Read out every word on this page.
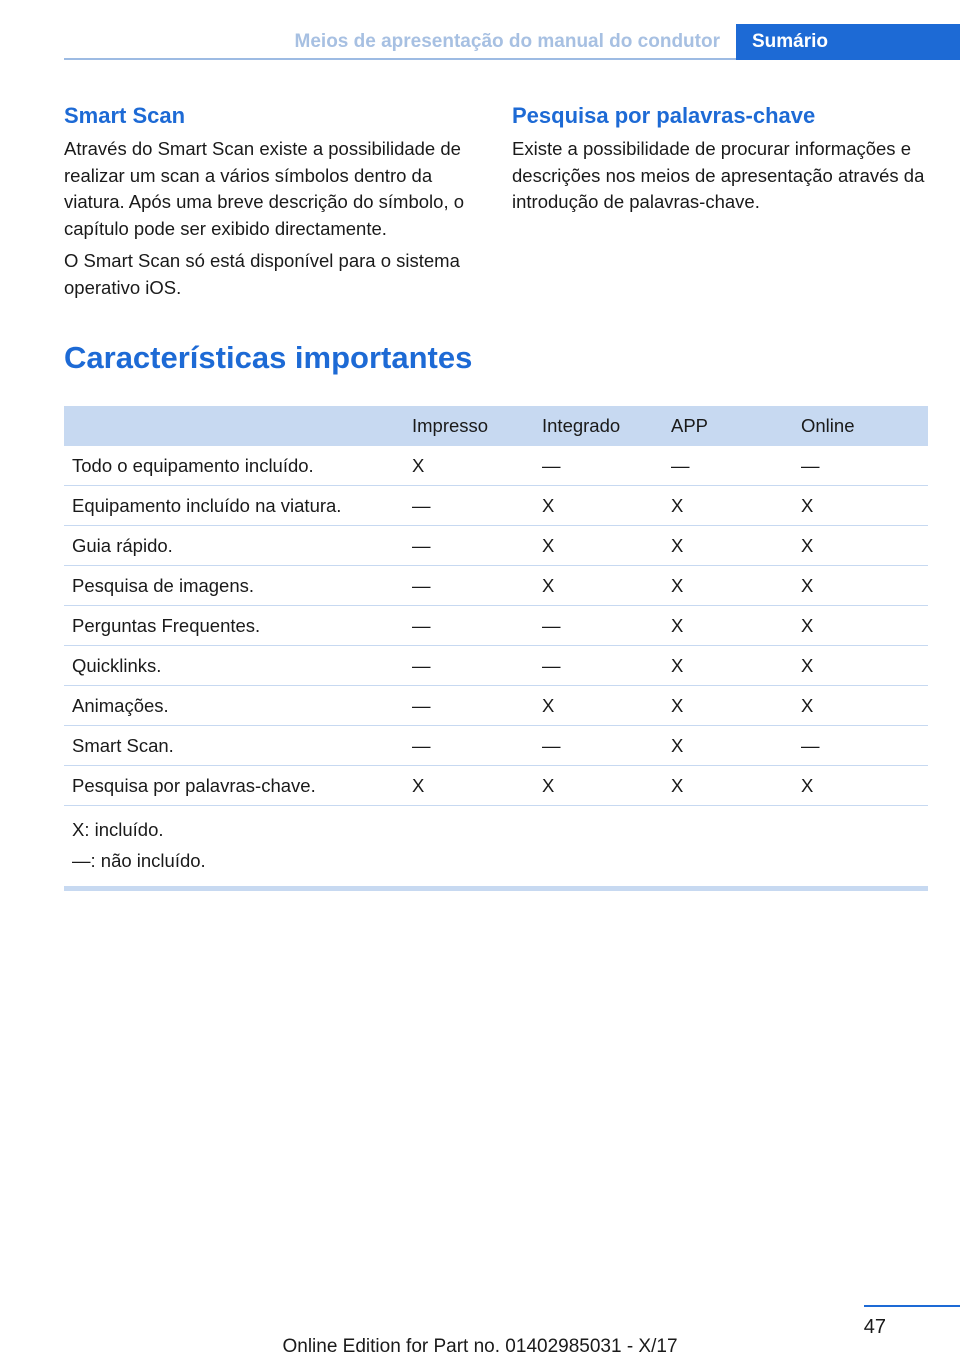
Meios de apresentação do manual do condutor	Sumário
Smart Scan

Através do Smart Scan existe a possibilidade de realizar um scan a vários símbolos dentro da viatura. Após uma breve descrição do símbolo, o capítulo pode ser exibido directamente.

O Smart Scan só está disponível para o sistema operativo iOS.

Pesquisa por palavras-chave

Existe a possibilidade de procurar informações e descrições nos meios de apresentação através da introdução de palavras-chave.

Características importantes
	Impresso	Integrado	APP	Online
Todo o equipamento incluído.	X	—	—	—
Equipamento incluído na viatura.	—	X	X	X
Guia rápido.	—	X	X	X
Pesquisa de imagens.	—	X	X	X
Perguntas Frequentes.	—	—	X	X
Quicklinks.	—	—	X	X
Animações.	—	X	X	X
Smart Scan.	—	—	X	—
Pesquisa por palavras-chave.	X	X	X	X

X: incluído.
—: não incluído.				
47
Online Edition for Part no. 01402985031 - X/17
